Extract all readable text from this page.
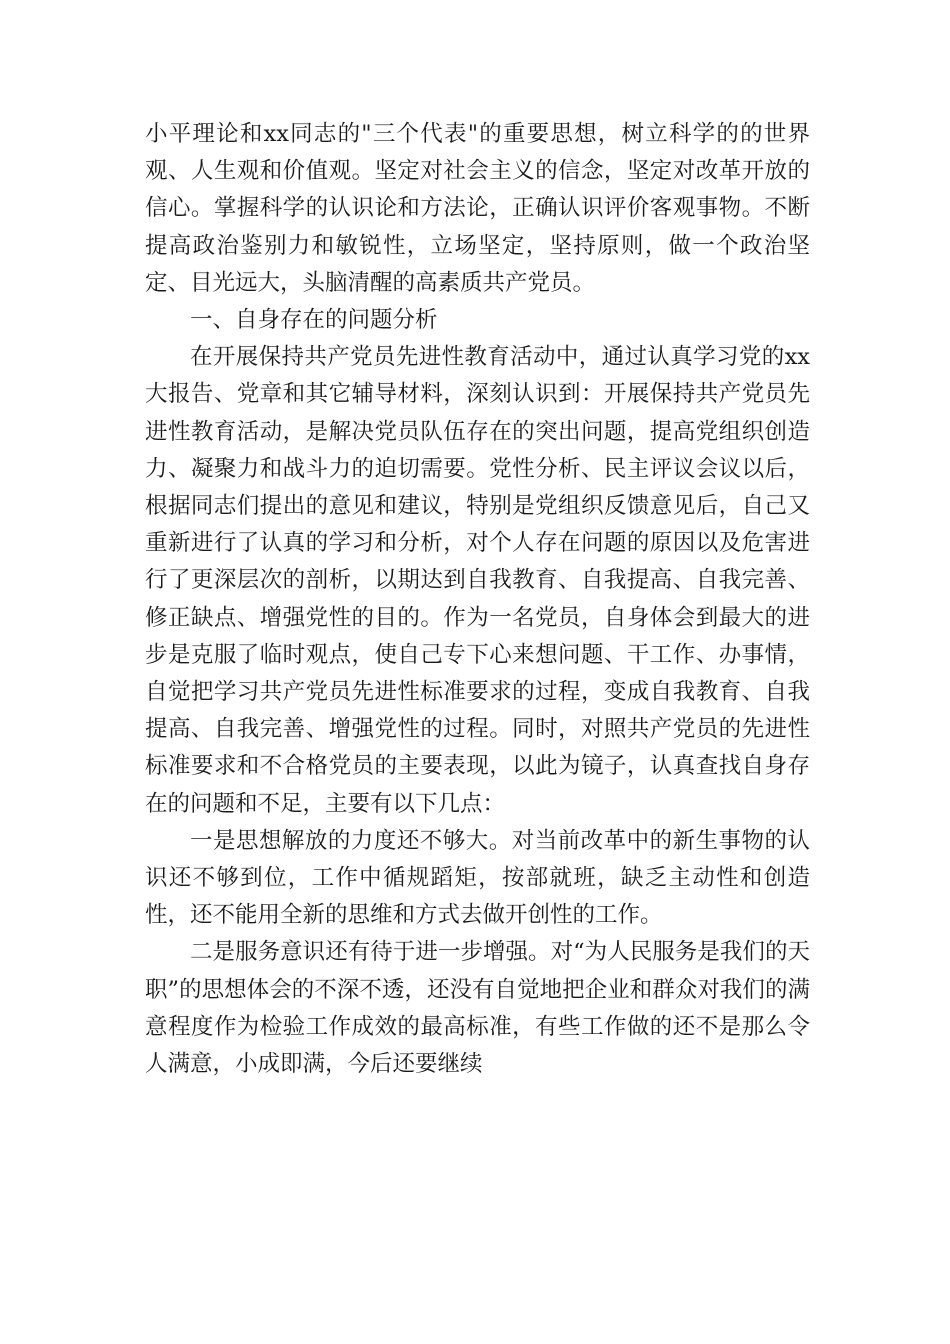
小平理论和xx同志的"三个代表"的重要思想，树立科学的的世界观、人生观和价值观。坚定对社会主义的信念，坚定对改革开放的信心。掌握科学的认识论和方法论，正确认识评价客观事物。不断提高政治鉴别力和敏锐性，立场坚定，坚持原则，做一个政治坚定、目光远大，头脑清醒的高素质共产党员。

一、自身存在的问题分析

在开展保持共产党员先进性教育活动中，通过认真学习党的xx大报告、党章和其它辅导材料，深刻认识到：开展保持共产党员先进性教育活动，是解决党员队伍存在的突出问题，提高党组织创造力、凝聚力和战斗力的迫切需要。党性分析、民主评议会议以后，根据同志们提出的意见和建议，特别是党组织反馈意见后，自己又重新进行了认真的学习和分析，对个人存在问题的原因以及危害进行了更深层次的剖析，以期达到自我教育、自我提高、自我完善、修正缺点、增强党性的目的。作为一名党员，自身体会到最大的进步是克服了临时观点，使自己专下心来想问题、干工作、办事情，自觉把学习共产党员先进性标准要求的过程，变成自我教育、自我提高、自我完善、增强党性的过程。同时，对照共产党员的先进性标准要求和不合格党员的主要表现，以此为镜子，认真查找自身存在的问题和不足，主要有以下几点：

一是思想解放的力度还不够大。对当前改革中的新生事物的认识还不够到位，工作中循规蹈矩，按部就班，缺乏主动性和创造性，还不能用全新的思维和方式去做开创性的工作。

二是服务意识还有待于进一步增强。对“为人民服务是我们的天职”的思想体会的不深不透，还没有自觉地把企业和群众对我们的满意程度作为检验工作成效的最高标准，有些工作做的还不是那么令人满意，小成即满，今后还要继续
